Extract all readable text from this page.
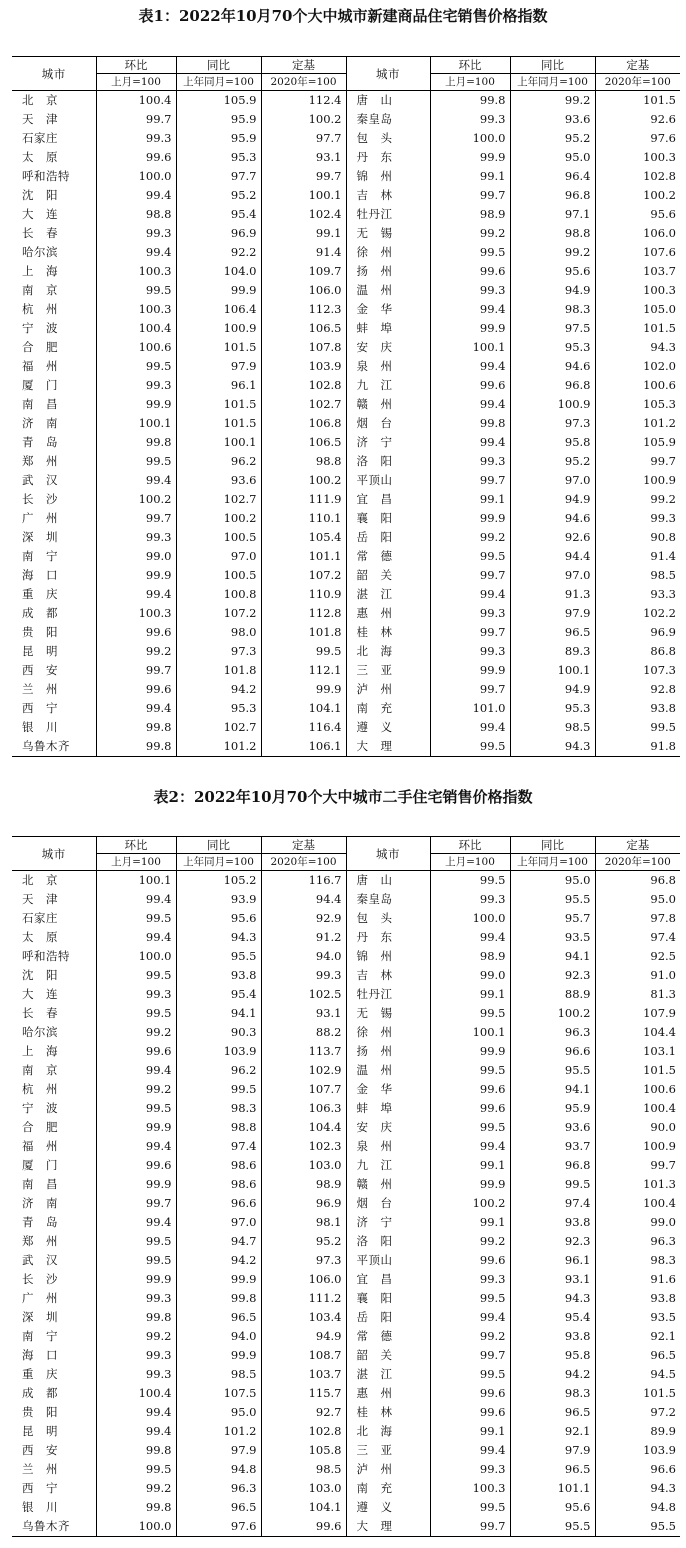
表1：2022年10月70个大中城市新建商品住宅销售价格指数
城市	环比	同比	定基	城市	环比	同比	定基
	上月=100	上年同月=100	2020年=100		上月=100	上年同月=100	2020年=100
北　京	100.4	105.9	112.4	唐　山	99.8	99.2	101.5
天　津	99.7	95.9	100.2	秦皇岛	99.3	93.6	92.6
石家庄	99.3	95.9	97.7	包　头	100.0	95.2	97.6
太　原	99.6	95.3	93.1	丹　东	99.9	95.0	100.3
呼和浩特	100.0	97.7	99.7	锦　州	99.1	96.4	102.8
沈　阳	99.4	95.2	100.1	吉　林	99.7	96.8	100.2
大　连	98.8	95.4	102.4	牡丹江	98.9	97.1	95.6
长　春	99.3	96.9	99.1	无　锡	99.2	98.8	106.0
哈尔滨	99.4	92.2	91.4	徐　州	99.5	99.2	107.6
上　海	100.3	104.0	109.7	扬　州	99.6	95.6	103.7
南　京	99.5	99.9	106.0	温　州	99.3	94.9	100.3
杭　州	100.3	106.4	112.3	金　华	99.4	98.3	105.0
宁　波	100.4	100.9	106.5	蚌　埠	99.9	97.5	101.5
合　肥	100.6	101.5	107.8	安　庆	100.1	95.3	94.3
福　州	99.5	97.9	103.9	泉　州	99.4	94.6	102.0
厦　门	99.3	96.1	102.8	九　江	99.6	96.8	100.6
南　昌	99.9	101.5	102.7	赣　州	99.4	100.9	105.3
济　南	100.1	101.5	106.8	烟　台	99.8	97.3	101.2
青　岛	99.8	100.1	106.5	济　宁	99.4	95.8	105.9
郑　州	99.5	96.2	98.8	洛　阳	99.3	95.2	99.7
武　汉	99.4	93.6	100.2	平顶山	99.7	97.0	100.9
长　沙	100.2	102.7	111.9	宜　昌	99.1	94.9	99.2
广　州	99.7	100.2	110.1	襄　阳	99.9	94.6	99.3
深　圳	99.3	100.5	105.4	岳　阳	99.2	92.6	90.8
南　宁	99.0	97.0	101.1	常　德	99.5	94.4	91.4
海　口	99.9	100.5	107.2	韶　关	99.7	97.0	98.5
重　庆	99.4	100.8	110.9	湛　江	99.4	91.3	93.3
成　都	100.3	107.2	112.8	惠　州	99.3	97.9	102.2
贵　阳	99.6	98.0	101.8	桂　林	99.7	96.5	96.9
昆　明	99.2	97.3	99.5	北　海	99.3	89.3	86.8
西　安	99.7	101.8	112.1	三　亚	99.9	100.1	107.3
兰　州	99.6	94.2	99.9	泸　州	99.7	94.9	92.8
西　宁	99.4	95.3	104.1	南　充	101.0	95.3	93.8
银　川	99.8	102.7	116.4	遵　义	99.4	98.5	99.5
乌鲁木齐	99.8	101.2	106.1	大　理	99.5	94.3	91.8
表2：2022年10月70个大中城市二手住宅销售价格指数
城市	环比	同比	定基	城市	环比	同比	定基
	上月=100	上年同月=100	2020年=100		上月=100	上年同月=100	2020年=100
北　京	100.1	105.2	116.7	唐　山	99.5	95.0	96.8
天　津	99.4	93.9	94.4	秦皇岛	99.3	95.5	95.0
石家庄	99.5	95.6	92.9	包　头	100.0	95.7	97.8
太　原	99.4	94.3	91.2	丹　东	99.4	93.5	97.4
呼和浩特	100.0	95.5	94.0	锦　州	98.9	94.1	92.5
沈　阳	99.5	93.8	99.3	吉　林	99.0	92.3	91.0
大　连	99.3	95.4	102.5	牡丹江	99.1	88.9	81.3
长　春	99.5	94.1	93.1	无　锡	99.5	100.2	107.9
哈尔滨	99.2	90.3	88.2	徐　州	100.1	96.3	104.4
上　海	99.6	103.9	113.7	扬　州	99.9	96.6	103.1
南　京	99.4	96.2	102.9	温　州	99.5	95.5	101.5
杭　州	99.2	99.5	107.7	金　华	99.6	94.1	100.6
宁　波	99.5	98.3	106.3	蚌　埠	99.6	95.9	100.4
合　肥	99.9	98.8	104.4	安　庆	99.5	93.6	90.0
福　州	99.4	97.4	102.3	泉　州	99.4	93.7	100.9
厦　门	99.6	98.6	103.0	九　江	99.1	96.8	99.7
南　昌	99.9	98.6	98.9	赣　州	99.9	99.5	101.3
济　南	99.7	96.6	96.9	烟　台	100.2	97.4	100.4
青　岛	99.4	97.0	98.1	济　宁	99.1	93.8	99.0
郑　州	99.5	94.7	95.2	洛　阳	99.2	92.3	96.3
武　汉	99.5	94.2	97.3	平顶山	99.6	96.1	98.3
长　沙	99.9	99.9	106.0	宜　昌	99.3	93.1	91.6
广　州	99.3	99.8	111.2	襄　阳	99.5	94.3	93.8
深　圳	99.8	96.5	103.4	岳　阳	99.4	95.4	93.5
南　宁	99.2	94.0	94.9	常　德	99.2	93.8	92.1
海　口	99.3	99.9	108.7	韶　关	99.7	95.8	96.5
重　庆	99.3	98.5	103.7	湛　江	99.5	94.2	94.5
成　都	100.4	107.5	115.7	惠　州	99.6	98.3	101.5
贵　阳	99.4	95.0	92.7	桂　林	99.6	96.5	97.2
昆　明	99.4	101.2	102.8	北　海	99.1	92.1	89.9
西　安	99.8	97.9	105.8	三　亚	99.4	97.9	103.9
兰　州	99.5	94.8	98.5	泸　州	99.3	96.5	96.6
西　宁	99.2	96.3	103.0	南　充	100.3	101.1	94.3
银　川	99.8	96.5	104.1	遵　义	99.5	95.6	94.8
乌鲁木齐	100.0	97.6	99.6	大　理	99.7	95.5	95.5
